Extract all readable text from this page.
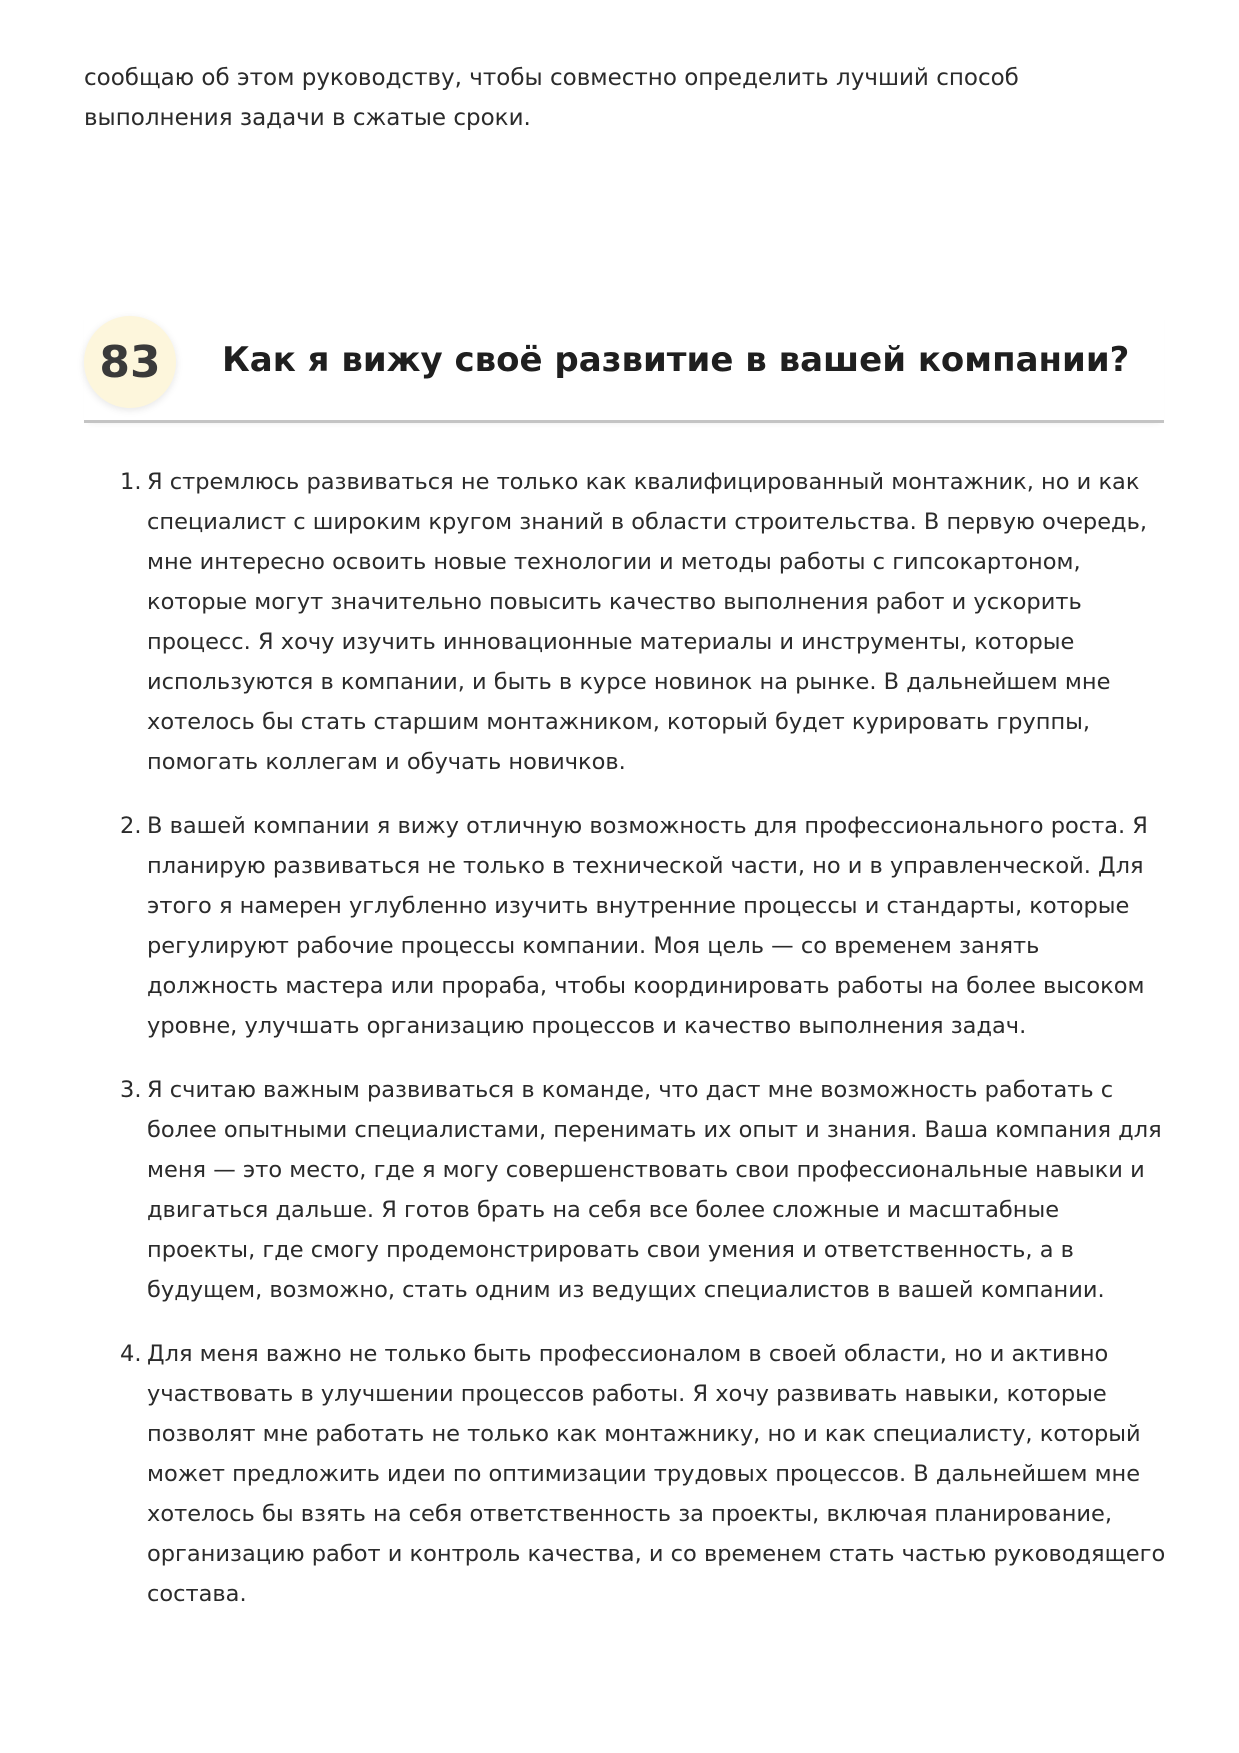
сообщаю об этом руководству, чтобы совместно определить лучший способ выполнения задачи в сжатые сроки.

83	Как я вижу своё развитие в вашей компании?
1. Я стремлюсь развиваться не только как квалифицированный монтажник, но и как специалист с широким кругом знаний в области строительства. В первую очередь, мне интересно освоить новые технологии и методы работы с гипсокартоном, которые могут значительно повысить качество выполнения работ и ускорить процесс. Я хочу изучить инновационные материалы и инструменты, которые используются в компании, и быть в курсе новинок на рынке. В дальнейшем мне хотелось бы стать старшим монтажником, который будет курировать группы, помогать коллегам и обучать новичков.
2. В вашей компании я вижу отличную возможность для профессионального роста. Я планирую развиваться не только в технической части, но и в управленческой. Для этого я намерен углубленно изучить внутренние процессы и стандарты, которые регулируют рабочие процессы компании. Моя цель — со временем занять должность мастера или прораба, чтобы координировать работы на более высоком уровне, улучшать организацию процессов и качество выполнения задач.
3. Я считаю важным развиваться в команде, что даст мне возможность работать с более опытными специалистами, перенимать их опыт и знания. Ваша компания для меня — это место, где я могу совершенствовать свои профессиональные навыки и двигаться дальше. Я готов брать на себя все более сложные и масштабные проекты, где смогу продемонстрировать свои умения и ответственность, а в будущем, возможно, стать одним из ведущих специалистов в вашей компании.
4. Для меня важно не только быть профессионалом в своей области, но и активно участвовать в улучшении процессов работы. Я хочу развивать навыки, которые позволят мне работать не только как монтажнику, но и как специалисту, который может предложить идеи по оптимизации трудовых процессов. В дальнейшем мне хотелось бы взять на себя ответственность за проекты, включая планирование, организацию работ и контроль качества, и со временем стать частью руководящего состава.
